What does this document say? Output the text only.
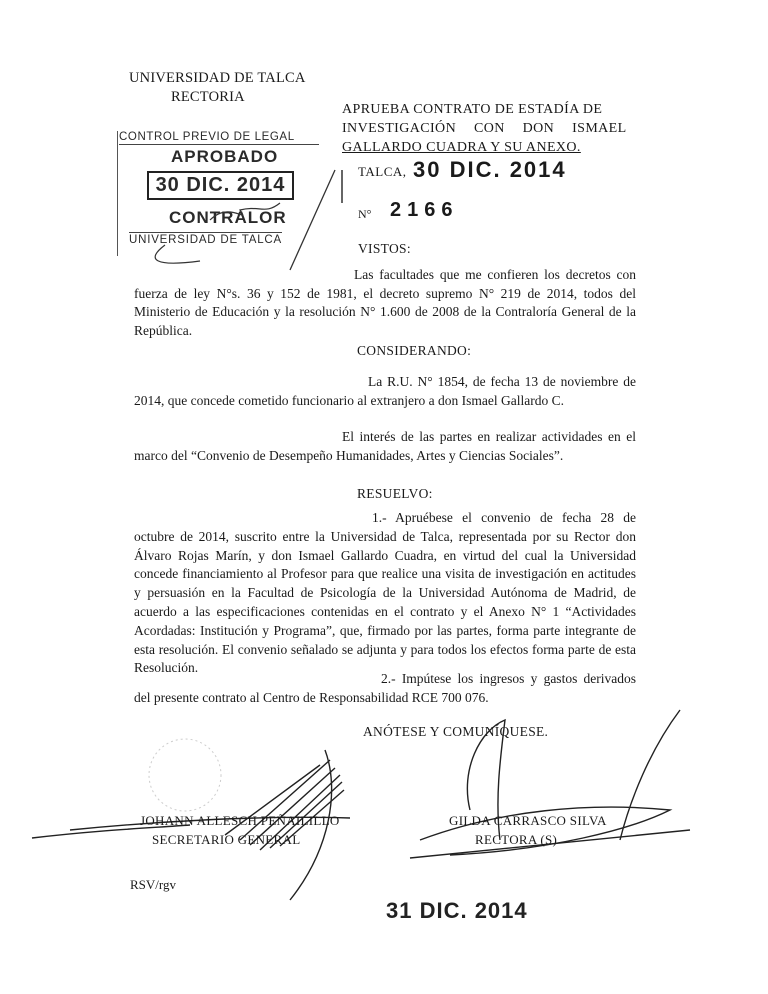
UNIVERSIDAD DE TALCA
RECTORIA
APRUEBA CONTRATO DE ESTADÍA DE
INVESTIGACIÓN CON DON ISMAEL
GALLARDO CUADRA Y SU ANEXO.
CONTROL PREVIO DE LEGAL
APROBADO
30 DIC. 2014
CONTRALOR
UNIVERSIDAD DE TALCA
TALCA, 30 DIC. 2014
N° 2166
VISTOS:
Las facultades que me confieren los decretos con fuerza de ley N°s. 36 y 152 de 1981, el decreto supremo N° 219 de 2014, todos del Ministerio de Educación y la resolución N° 1.600 de 2008 de la Contraloría General de la República.
CONSIDERANDO:
La R.U. N° 1854, de fecha 13 de noviembre de 2014, que concede cometido funcionario al extranjero a don Ismael Gallardo C.
El interés de las partes en realizar actividades en el marco del “Convenio de Desempeño Humanidades, Artes y Ciencias Sociales”.
RESUELVO:
1.- Apruébese el convenio de fecha 28 de octubre de 2014, suscrito entre la Universidad de Talca, representada por su Rector don Álvaro Rojas Marín, y don Ismael Gallardo Cuadra, en virtud del cual la Universidad concede financiamiento al Profesor para que realice una visita de investigación en actitudes y persuasión en la Facultad de Psicología de la Universidad Autónoma de Madrid, de acuerdo a las especificaciones contenidas en el contrato y el Anexo N° 1 “Actividades Acordadas: Institución y Programa”, que, firmado por las partes, forma parte integrante de esta resolución. El convenio señalado se adjunta y para todos los efectos forma parte de esta Resolución.
2.- Impútese los ingresos y gastos derivados del presente contrato al Centro de Responsabilidad RCE 700 076.
ANÓTESE Y COMUNÍQUESE.
JOHANN ALLESCH PEÑAILILLO
SECRETARIO GENERAL
GILDA CARRASCO SILVA
RECTORA (S)
RSV/rgv
31 DIC. 2014
